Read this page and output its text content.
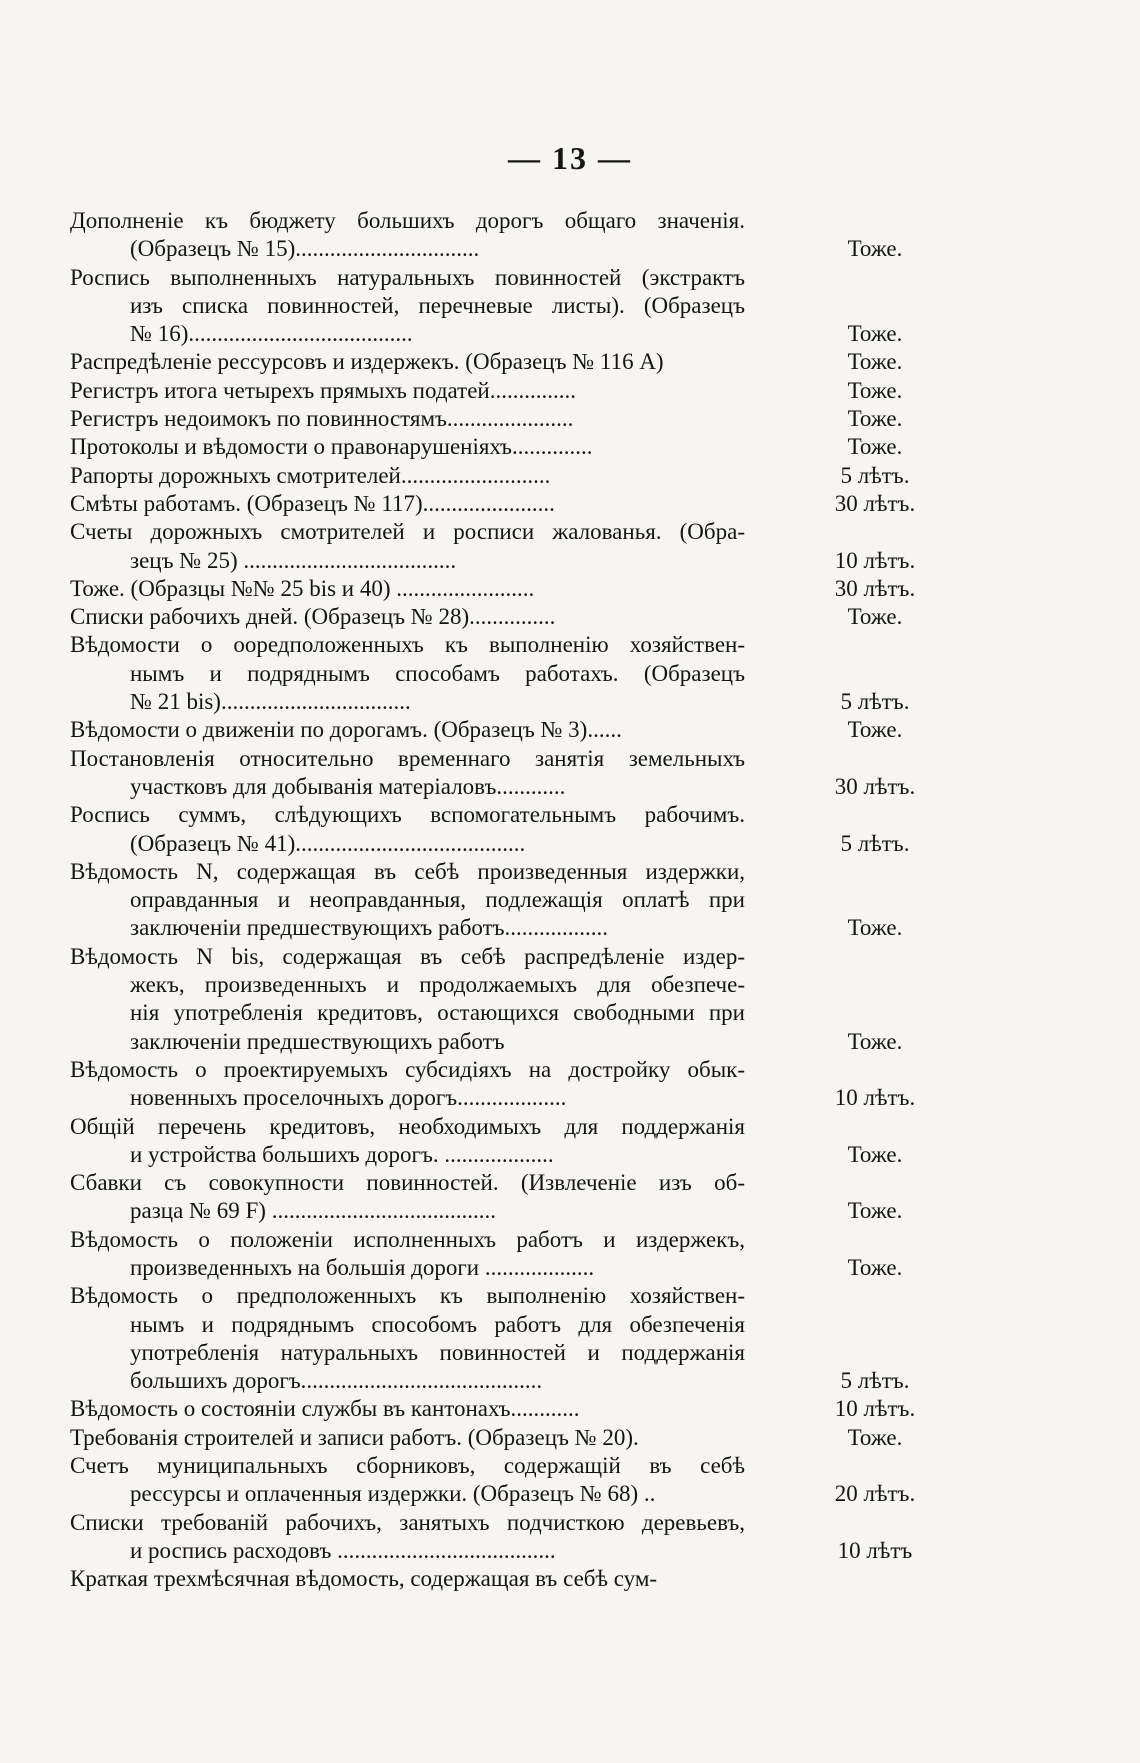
— 13 —
Дополненіе къ бюджету большихъ дорогъ общаго значенія.
(Образецъ № 15)................................	Тоже.
Роспись выполненныхъ натуральныхъ повинностей (экстрактъ
изъ списка повинностей, перечневые листы). (Образецъ
№ 16).......................................	Тоже.
Распредѣленіе рессурсовъ и издержекъ. (Образецъ № 116 А)	Тоже.
Регистръ итога четырехъ прямыхъ податей...............	Тоже.
Регистръ недоимокъ по повинностямъ......................	Тоже.
Протоколы и вѣдомости о правонарушеніяхъ..............	Тоже.
Рапорты дорожныхъ смотрителей..........................	5 лѣтъ.
Смѣты работамъ. (Образецъ № 117).......................	30 лѣтъ.
Счеты дорожныхъ смотрителей и росписи жалованья. (Обра-
зецъ № 25) .....................................	10 лѣтъ.
Тоже. (Образцы №№ 25 bis и 40) ........................	30 лѣтъ.
Списки рабочихъ дней. (Образецъ № 28)...............	Тоже.
Вѣдомости о ооредположенныхъ къ выполненію хозяйствен-
нымъ и подряднымъ способамъ работахъ. (Образецъ
№ 21 bis).................................	5 лѣтъ.
Вѣдомости о движеніи по дорогамъ. (Образецъ № 3)......	Тоже.
Постановленія относительно временнаго занятія земельныхъ
участковъ для добыванія матеріаловъ............	30 лѣтъ.
Роспись суммъ, слѣдующихъ вспомогательнымъ рабочимъ.
(Образецъ № 41)........................................	5 лѣтъ.
Вѣдомость N, содержащая въ себѣ произведенныя издержки,
оправданныя и неоправданныя, подлежащія оплатѣ при
заключеніи предшествующихъ работъ..................	Тоже.
Вѣдомость N bis, содержащая въ себѣ распредѣленіе издер-
жекъ, произведенныхъ и продолжаемыхъ для обезпече-
нія употребленія кредитовъ, остающихся свободными при
заключеніи предшествующихъ работъ	Тоже.
Вѣдомость о проектируемыхъ субсидіяхъ на достройку обык-
новенныхъ проселочныхъ дорогъ...................	10 лѣтъ.
Общій перечень кредитовъ, необходимыхъ для поддержанія
и устройства большихъ дорогъ. ...................	Тоже.
Сбавки съ совокупности повинностей. (Извлеченіе изъ об-
разца № 69 F) .......................................	Тоже.
Вѣдомость о положеніи исполненныхъ работъ и издержекъ,
произведенныхъ на большія дороги ...................	Тоже.
Вѣдомость о предположенныхъ къ выполненію хозяйствен-
нымъ и подряднымъ способомъ работъ для обезпеченія
употребленія натуральныхъ повинностей и поддержанія
большихъ дорогъ..........................................	5 лѣтъ.
Вѣдомость о состояніи службы въ кантонахъ............	10 лѣтъ.
Требованія строителей и записи работъ. (Образецъ № 20).	Тоже.
Счетъ муниципальныхъ сборниковъ, содержащій въ себѣ
рессурсы и оплаченныя издержки. (Образецъ № 68) ..	20 лѣтъ.
Списки требованій рабочихъ, занятыхъ подчисткою деревьевъ,
и роспись расходовъ ......................................	10 лѣтъ
Краткая трехмѣсячная вѣдомость, содержащая въ себѣ сум-
